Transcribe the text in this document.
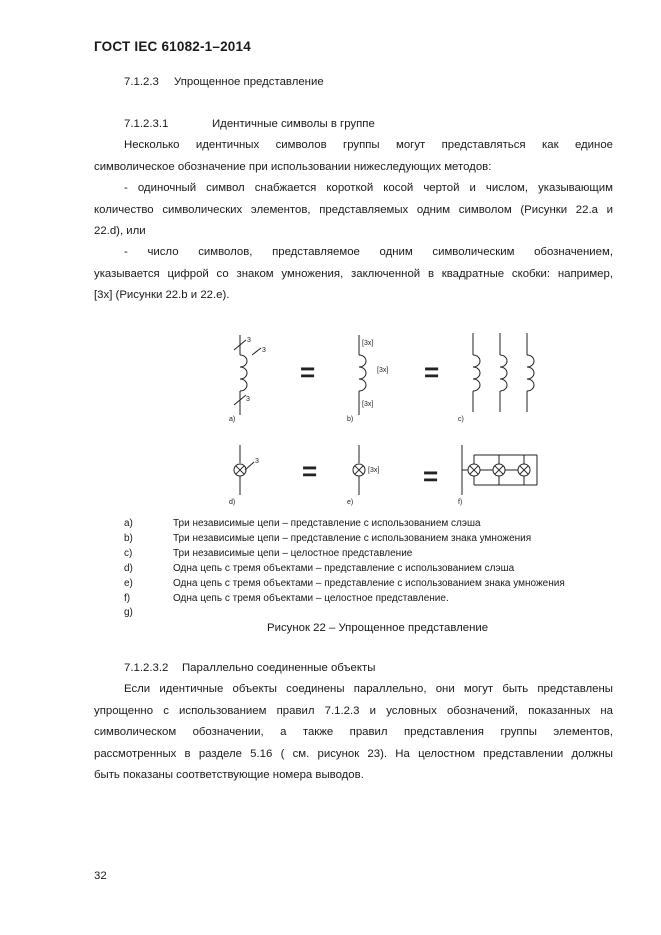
ГОСТ IEC 61082-1–2014
7.1.2.3 Упрощенное представление
7.1.2.3.1	Идентичные символы в группе
Несколько идентичных символов группы могут представляться как единое
символическое обозначение при использовании нижеследующих методов:
- одиночный символ снабжается короткой косой чертой и числом, указывающим
количество символических элементов, представляемых одним символом (Рисунки 22.a и
22.d), или
- число символов, представляемое одним символическим обозначением,
указывается цифрой со знаком умножения, заключенной в квадратные скобки: например,
[3x] (Рисунки 22.b и 22.e).
3
3
3
[3x]
[3x]
[3x]
3
[3x]
a)	b)	c)
d)	e)	f)
=	=
=	=
a)	Три независимые цепи – представление с использованием слэша
b)	Три независимые цепи – представление с использованием знака умножения
c)	Три независимые цепи – целостное представление
d)	Одна цепь с тремя объектами – представление с использованием слэша
e)	Одна цепь с тремя объектами – представление с использованием знака умножения
f)	Одна цепь с тремя объектами – целостное представление.
g)
Рисунок 22 – Упрощенное представление
7.1.2.3.2 Параллельно соединенные объекты
Если идентичные объекты соединены параллельно, они могут быть представлены
упрощенно с использованием правил 7.1.2.3 и условных обозначений, показанных на
символическом обозначении, а также правил представления группы элементов,
рассмотренных в разделе 5.16 ( см. рисунок 23). На целостном представлении должны
быть показаны соответствующие номера выводов.
32
